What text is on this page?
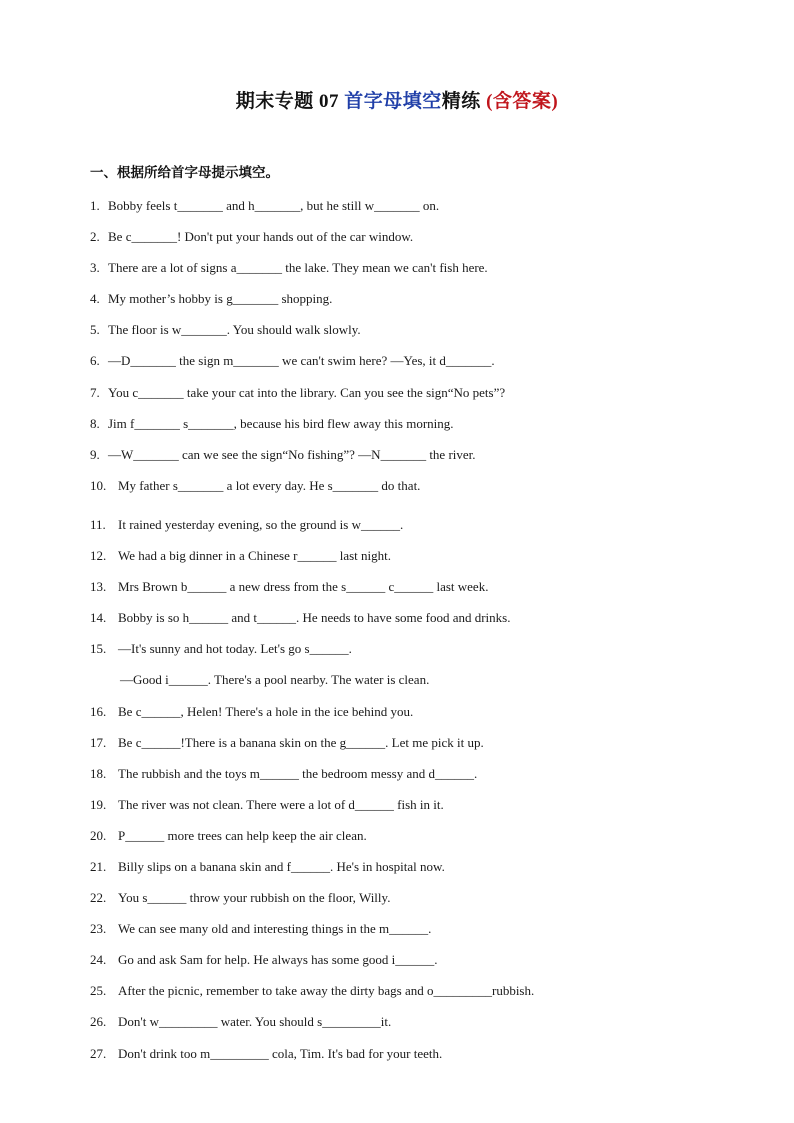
期末专题 07 首字母填空精练 (含答案)
一、根据所给首字母提示填空。
1. Bobby feels t_______ and h_______, but he still w_______ on.
2. Be c_______! Don't put your hands out of the car window.
3. There are a lot of signs a_______ the lake. They mean we can't fish here.
4. My mother’s hobby is g_______ shopping.
5. The floor is w_______. You should walk slowly.
6. —D_______ the sign m_______ we can't swim here? —Yes, it d_______.
7. You c_______ take your cat into the library. Can you see the sign“No pets”?
8. Jim f_______ s_______, because his bird flew away this morning.
9. —W_______ can we see the sign“No fishing”? —N_______ the river.
10. My father s_______ a lot every day. He s_______ do that.
11. It rained yesterday evening, so the ground is w______.
12. We had a big dinner in a Chinese r______ last night.
13. Mrs Brown b______ a new dress from the s______ c______ last week.
14. Bobby is so h______ and t______. He needs to have some food and drinks.
15. —It's sunny and hot today. Let's go s______.
—Good i______. There's a pool nearby. The water is clean.
16. Be c______, Helen! There's a hole in the ice behind you.
17. Be c______!There is a banana skin on the g______. Let me pick it up.
18. The rubbish and the toys m______ the bedroom messy and d______.
19. The river was not clean. There were a lot of d______ fish in it.
20. P______ more trees can help keep the air clean.
21. Billy slips on a banana skin and f______. He's in hospital now.
22. You s______ throw your rubbish on the floor, Willy.
23. We can see many old and interesting things in the m______.
24. Go and ask Sam for help. He always has some good i______.
25. After the picnic, remember to take away the dirty bags and o_________rubbish.
26. Don't w_________ water. You should s_________it.
27. Don't drink too m_________ cola, Tim. It's bad for your teeth.
